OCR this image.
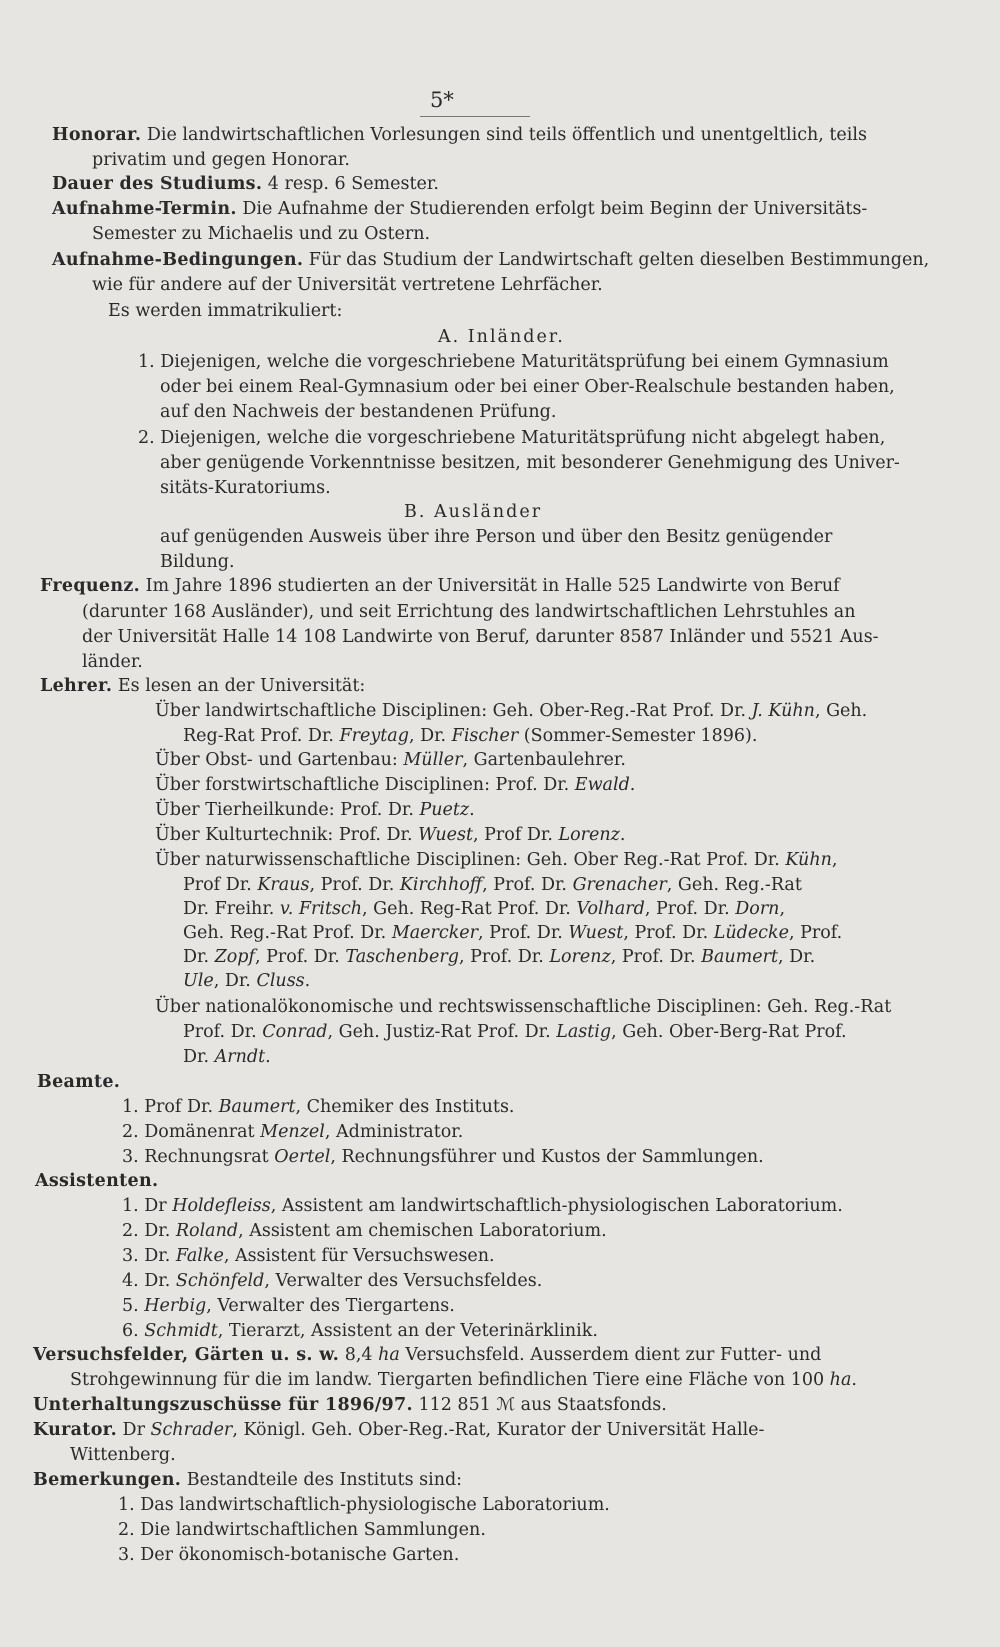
5*
Honorar. Die landwirtschaftlichen Vorlesungen sind teils öffentlich und unentgeltlich, teils
privatim und gegen Honorar.
Dauer des Studiums. 4 resp. 6 Semester.
Aufnahme-Termin. Die Aufnahme der Studierenden erfolgt beim Beginn der Universitäts-
Semester zu Michaelis und zu Ostern.
Aufnahme-Bedingungen. Für das Studium der Landwirtschaft gelten dieselben Bestimmungen,
wie für andere auf der Universität vertretene Lehrfächer.
Es werden immatrikuliert:
A. Inländer.
1. Diejenigen, welche die vorgeschriebene Maturitätsprüfung bei einem Gymnasium
oder bei einem Real-Gymnasium oder bei einer Ober-Realschule bestanden haben,
auf den Nachweis der bestandenen Prüfung.
2. Diejenigen, welche die vorgeschriebene Maturitätsprüfung nicht abgelegt haben,
aber genügende Vorkenntnisse besitzen, mit besonderer Genehmigung des Univer-
sitäts-Kuratoriums.
B. Ausländer
auf genügenden Ausweis über ihre Person und über den Besitz genügender
Bildung.
Frequenz. Im Jahre 1896 studierten an der Universität in Halle 525 Landwirte von Beruf
(darunter 168 Ausländer), und seit Errichtung des landwirtschaftlichen Lehrstuhles an
der Universität Halle 14 108 Landwirte von Beruf, darunter 8587 Inländer und 5521 Aus-
länder.
Lehrer. Es lesen an der Universität:
Über landwirtschaftliche Disciplinen: Geh. Ober-Reg.-Rat Prof. Dr. J. Kühn, Geh.
Reg-Rat Prof. Dr. Freytag, Dr. Fischer (Sommer-Semester 1896).
Über Obst- und Gartenbau: Müller, Gartenbaulehrer.
Über forstwirtschaftliche Disciplinen: Prof. Dr. Ewald.
Über Tierheilkunde: Prof. Dr. Puetz.
Über Kulturtechnik: Prof. Dr. Wuest, Prof Dr. Lorenz.
Über naturwissenschaftliche Disciplinen: Geh. Ober Reg.-Rat Prof. Dr. Kühn,
Prof Dr. Kraus, Prof. Dr. Kirchhoff, Prof. Dr. Grenacher, Geh. Reg.-Rat
Dr. Freihr. v. Fritsch, Geh. Reg-Rat Prof. Dr. Volhard, Prof. Dr. Dorn,
Geh. Reg.-Rat Prof. Dr. Maercker, Prof. Dr. Wuest, Prof. Dr. Lüdecke, Prof.
Dr. Zopf, Prof. Dr. Taschenberg, Prof. Dr. Lorenz, Prof. Dr. Baumert, Dr.
Ule, Dr. Cluss.
Über nationalökonomische und rechtswissenschaftliche Disciplinen: Geh. Reg.-Rat
Prof. Dr. Conrad, Geh. Justiz-Rat Prof. Dr. Lastig, Geh. Ober-Berg-Rat Prof.
Dr. Arndt.
Beamte.
1. Prof Dr. Baumert, Chemiker des Instituts.
2. Domänenrat Menzel, Administrator.
3. Rechnungsrat Oertel, Rechnungsführer und Kustos der Sammlungen.
Assistenten.
1. Dr Holdefleiss, Assistent am landwirtschaftlich-physiologischen Laboratorium.
2. Dr. Roland, Assistent am chemischen Laboratorium.
3. Dr. Falke, Assistent für Versuchswesen.
4. Dr. Schönfeld, Verwalter des Versuchsfeldes.
5. Herbig, Verwalter des Tiergartens.
6. Schmidt, Tierarzt, Assistent an der Veterinärklinik.
Versuchsfelder, Gärten u. s. w. 8,4 ha Versuchsfeld. Ausserdem dient zur Futter- und
Strohgewinnung für die im landw. Tiergarten befindlichen Tiere eine Fläche von 100 ha.
Unterhaltungszuschüsse für 1896/97. 112 851 ℳ aus Staatsfonds.
Kurator. Dr Schrader, Königl. Geh. Ober-Reg.-Rat, Kurator der Universität Halle-
Wittenberg.
Bemerkungen. Bestandteile des Instituts sind:
1. Das landwirtschaftlich-physiologische Laboratorium.
2. Die landwirtschaftlichen Sammlungen.
3. Der ökonomisch-botanische Garten.
